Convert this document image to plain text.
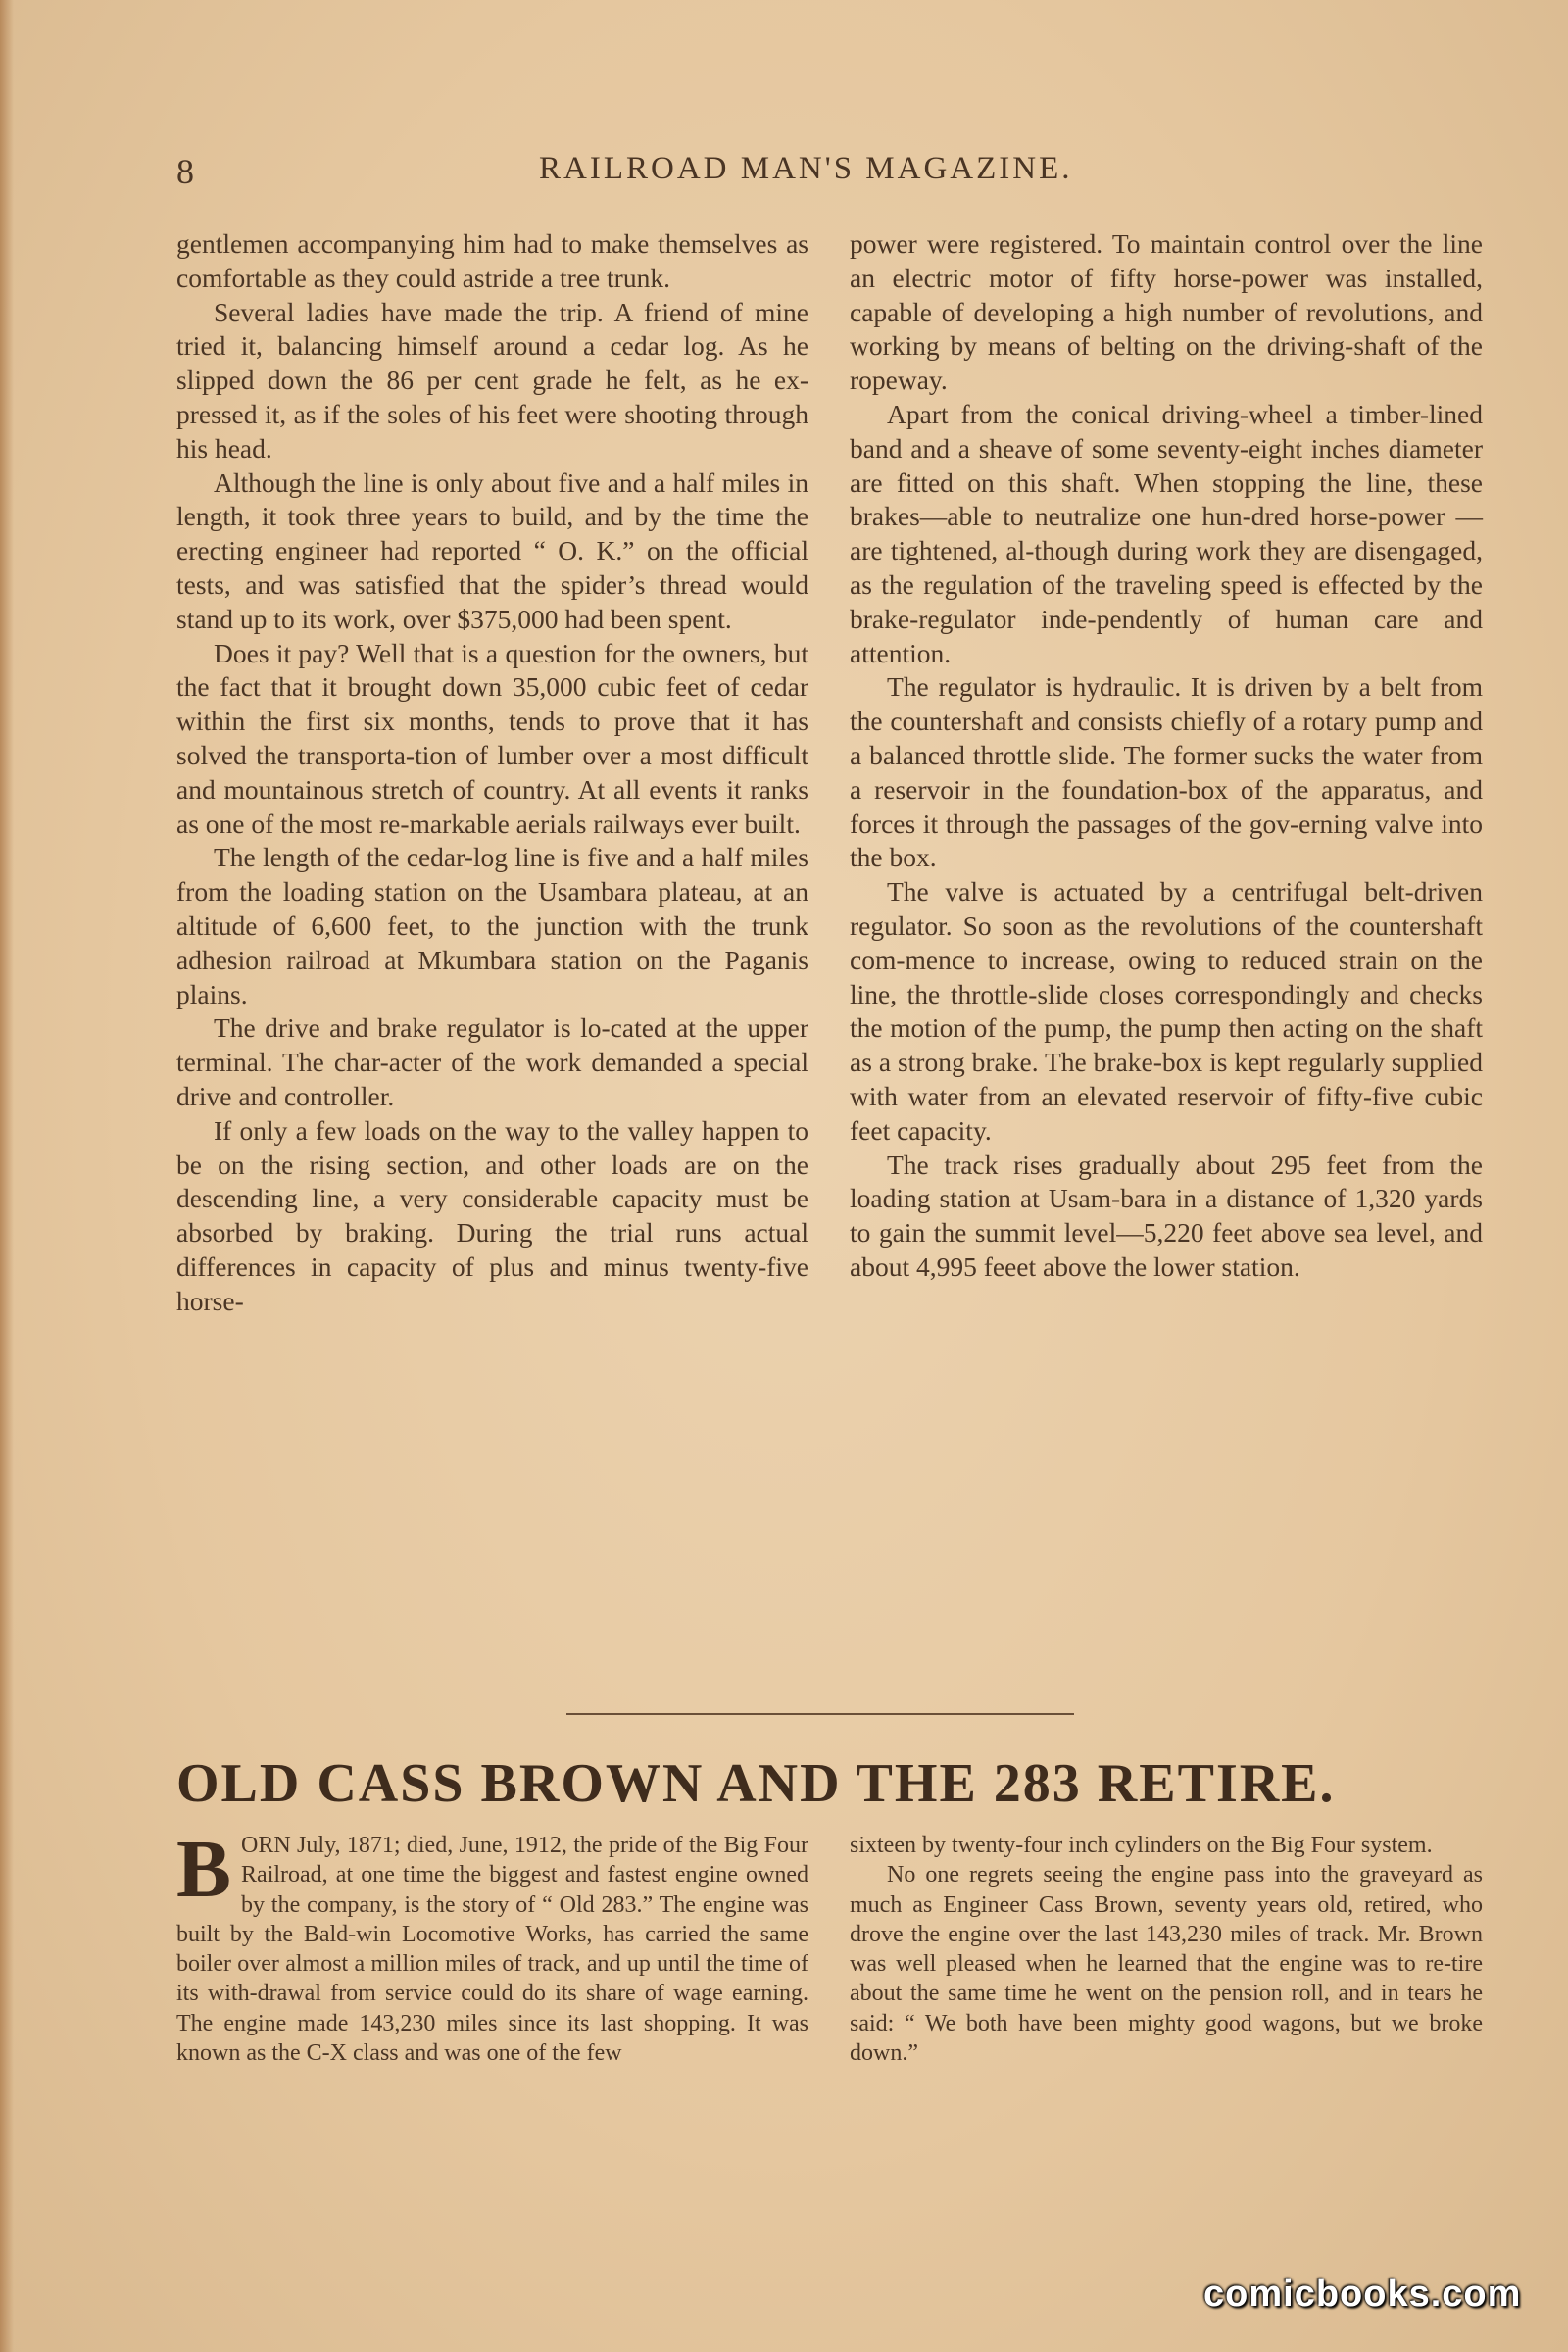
8	RAILROAD MAN'S MAGAZINE.

gentlemen accompanying him had to make themselves as comfortable as they could astride a tree trunk.

Several ladies have made the trip. A friend of mine tried it, balancing himself around a cedar log. As he slipped down the 86 per cent grade he felt, as he ex-pressed it, as if the soles of his feet were shooting through his head.

Although the line is only about five and a half miles in length, it took three years to build, and by the time the erecting engineer had reported “ O. K.” on the official tests, and was satisfied that the spider’s thread would stand up to its work, over $375,000 had been spent.

Does it pay? Well that is a question for the owners, but the fact that it brought down 35,000 cubic feet of cedar within the first six months, tends to prove that it has solved the transporta-tion of lumber over a most difficult and mountainous stretch of country. At all events it ranks as one of the most re-markable aerials railways ever built.

The length of the cedar-log line is five and a half miles from the loading station on the Usambara plateau, at an altitude of 6,600 feet, to the junction with the trunk adhesion railroad at Mkumbara station on the Paganis plains.

The drive and brake regulator is lo-cated at the upper terminal. The char-acter of the work demanded a special drive and controller.

If only a few loads on the way to the valley happen to be on the rising section, and other loads are on the descending line, a very considerable capacity must be absorbed by braking. During the trial runs actual differences in capacity of plus and minus twenty-five horse-

power were registered. To maintain control over the line an electric motor of fifty horse-power was installed, capable of developing a high number of revolutions, and working by means of belting on the driving-shaft of the ropeway.

Apart from the conical driving-wheel a timber-lined band and a sheave of some seventy-eight inches diameter are fitted on this shaft. When stopping the line, these brakes—able to neutralize one hun-dred horse-power — are tightened, al-though during work they are disengaged, as the regulation of the traveling speed is effected by the brake-regulator inde-pendently of human care and attention.

The regulator is hydraulic. It is driven by a belt from the countershaft and consists chiefly of a rotary pump and a balanced throttle slide. The former sucks the water from a reservoir in the foundation-box of the apparatus, and forces it through the passages of the gov-erning valve into the box.

The valve is actuated by a centrifugal belt-driven regulator. So soon as the revolutions of the countershaft com-mence to increase, owing to reduced strain on the line, the throttle-slide closes correspondingly and checks the motion of the pump, the pump then acting on the shaft as a strong brake. The brake-box is kept regularly supplied with water from an elevated reservoir of fifty-five cubic feet capacity.

The track rises gradually about 295 feet from the loading station at Usam-bara in a distance of 1,320 yards to gain the summit level—5,220 feet above sea level, and about 4,995 feeet above the lower station.

OLD CASS BROWN AND THE 283 RETIRE.

BORN July, 1871; died, June, 1912, the pride of the Big Four Railroad, at one time the biggest and fastest engine owned by the company, is the story of “ Old 283.” The engine was built by the Bald-win Locomotive Works, has carried the same boiler over almost a million miles of track, and up until the time of its with-drawal from service could do its share of wage earning. The engine made 143,230 miles since its last shopping. It was known as the C-X class and was one of the few

sixteen by twenty-four inch cylinders on the Big Four system.

No one regrets seeing the engine pass into the graveyard as much as Engineer Cass Brown, seventy years old, retired, who drove the engine over the last 143,230 miles of track. Mr. Brown was well pleased when he learned that the engine was to re-tire about the same time he went on the pension roll, and in tears he said: “ We both have been mighty good wagons, but we broke down.”

comicbooks.com
